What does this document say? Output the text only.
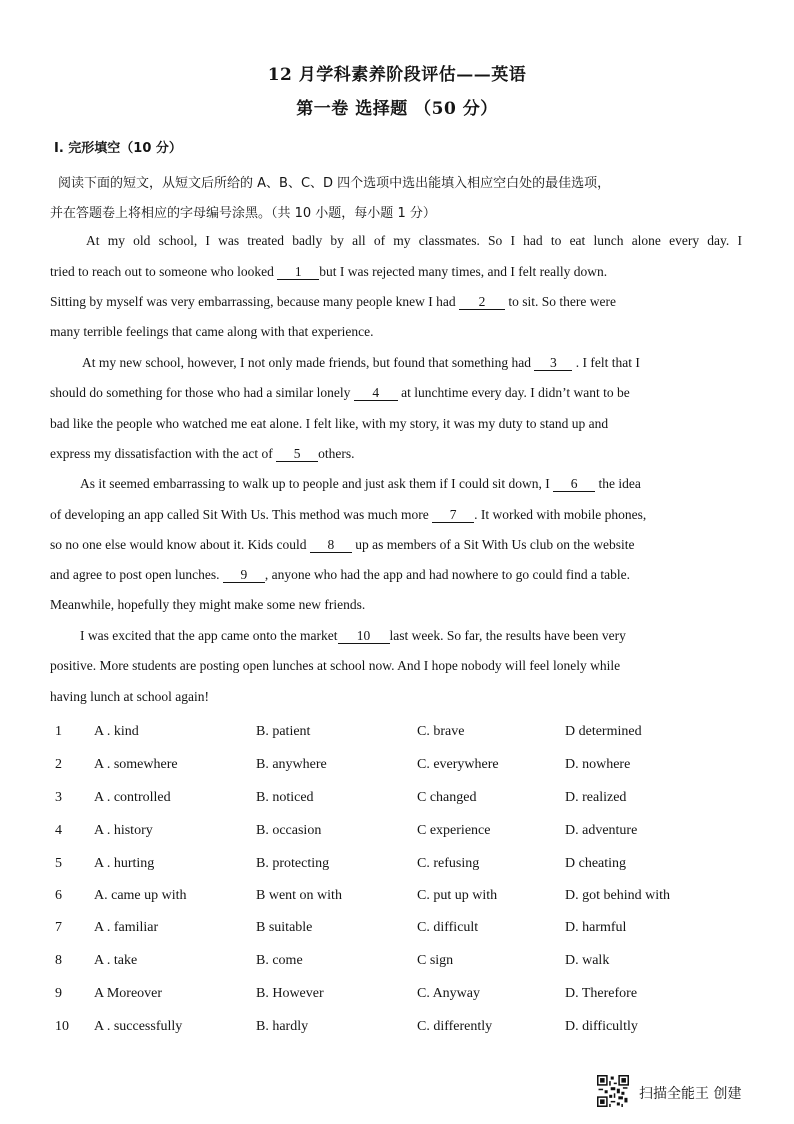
12 月学科素养阶段评估——英语
第一卷 选择题 （50 分）
I. 完形填空（10 分）
阅读下面的短文，从短文后所给的 A、B、C、D 四个选项中选出能填入相应空白处的最佳选项，
并在答题卷上将相应的字母编号涂黑。（共 10 小题，每小题 1 分）
At my old school, I was treated badly by all of my classmates. So I had to eat lunch alone every day. I
tried to reach out to someone who looked 1 but I was rejected many times, and I felt really down.
Sitting by myself was very embarrassing, because many people knew I had 2 to sit. So there were
many terrible feelings that came along with that experience.
At my new school, however, I not only made friends, but found that something had 3 . I felt that I
should do something for those who had a similar lonely 4 at lunchtime every day. I didn’t want to be
bad like the people who watched me eat alone. I felt like, with my story, it was my duty to stand up and
express my dissatisfaction with the act of 5 others.
As it seemed embarrassing to walk up to people and just ask them if I could sit down, I 6 the idea
of developing an app called Sit With Us. This method was much more 7 . It worked with mobile phones,
so no one else would know about it. Kids could 8 up as members of a Sit With Us club on the website
and agree to post open lunches. 9 , anyone who had the app and had nowhere to go could find a table.
Meanwhile, hopefully they might make some new friends.
I was excited that the app came onto the market 10 last week. So far, the results have been very
positive. More students are posting open lunches at school now. And I hope nobody will feel lonely while
having lunch at school again!
1 A . kind	B. patient	C. brave	D determined
2 A . somewhere	B. anywhere	C. everywhere	D. nowhere
3 A . controlled	B. noticed	C changed	D. realized
4 A . history	B. occasion	C experience	D. adventure
5 A . hurting	B. protecting	C. refusing	D cheating
6 A. came up with	B went on with	C. put up with	D. got behind with
7 A . familiar	B suitable	C. difficult	D. harmful
8 A . take	B. come	C sign	D. walk
9 A Moreover	B. However	C. Anyway	D. Therefore
10 A . successfully	B. hardly	C. differently	D. difficultly
扫描全能王 创建
